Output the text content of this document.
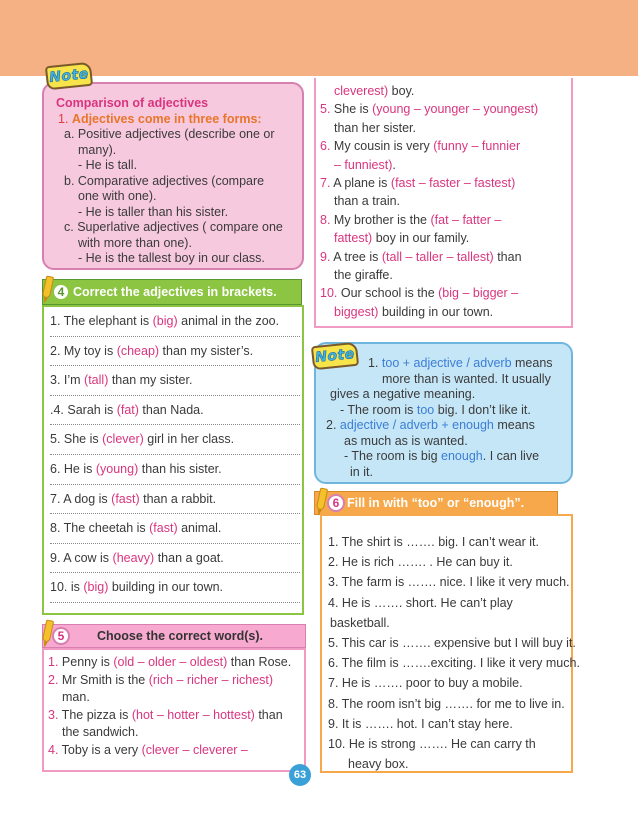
Comparison of adjectives
1. Adjectives come in three forms:
a. Positive adjectives (describe one or
many).
- He is tall.
b. Comparative adjectives (compare
one with one).
- He is taller than his sister.
c. Superlative adjectives ( compare one
with more than one).
- He is the tallest boy in our class.
Note
Correct the adjectives in brackets.
4
1. The elephant is (big) animal in the zoo.
2. My toy is (cheap) than my sister’s.
3. I’m (tall) than my sister.
.4. Sarah is (fat) than Nada.
5. She is (clever) girl in her class.
6. He is (young) than his sister.
7. A dog is (fast) than a rabbit.
8. The cheetah is (fast) animal.
9. A cow is (heavy) than a goat.
10. is (big) building in our town.
Choose the correct word(s).
5
1. Penny is (old – older – oldest) than Rose.
2. Mr Smith is the (rich – richer – richest)
man.
3. The pizza is (hot – hotter – hottest) than
the sandwich.
4. Toby is a very (clever – cleverer –
cleverest) boy.
5. She is (young – younger – youngest)
than her sister.
6. My cousin is very (funny – funnier
– funniest).
7. A plane is (fast – faster – fastest)
than a train.
8. My brother is the (fat – fatter –
fattest) boy in our family.
9. A tree is (tall – taller – tallest) than
the giraffe.
10. Our school is the (big – bigger –
biggest) building in our town.
1. too + adjective / adverb means
more than is wanted. It usually
gives a negative meaning.
- The room is too big. I don’t like it.
2. adjective / adverb + enough means
as much as is wanted.
- The room is big enough. I can live
in it.
Note
Fill in with “too” or “enough”.
6
1. The shirt is ……. big. I can’t wear it.
2. He is rich ……. . He can buy it.
3. The farm is ……. nice. I like it very much.
4. He is ……. short. He can’t play
basketball.
5. This car is ……. expensive but I will buy it.
6. The film is …….exciting. I like it very much.
7. He is ……. poor to buy a mobile.
8. The room isn’t big ……. for me to live in.
9. It is ……. hot. I can’t stay here.
10. He is strong ……. He can carry th
heavy box.
63
